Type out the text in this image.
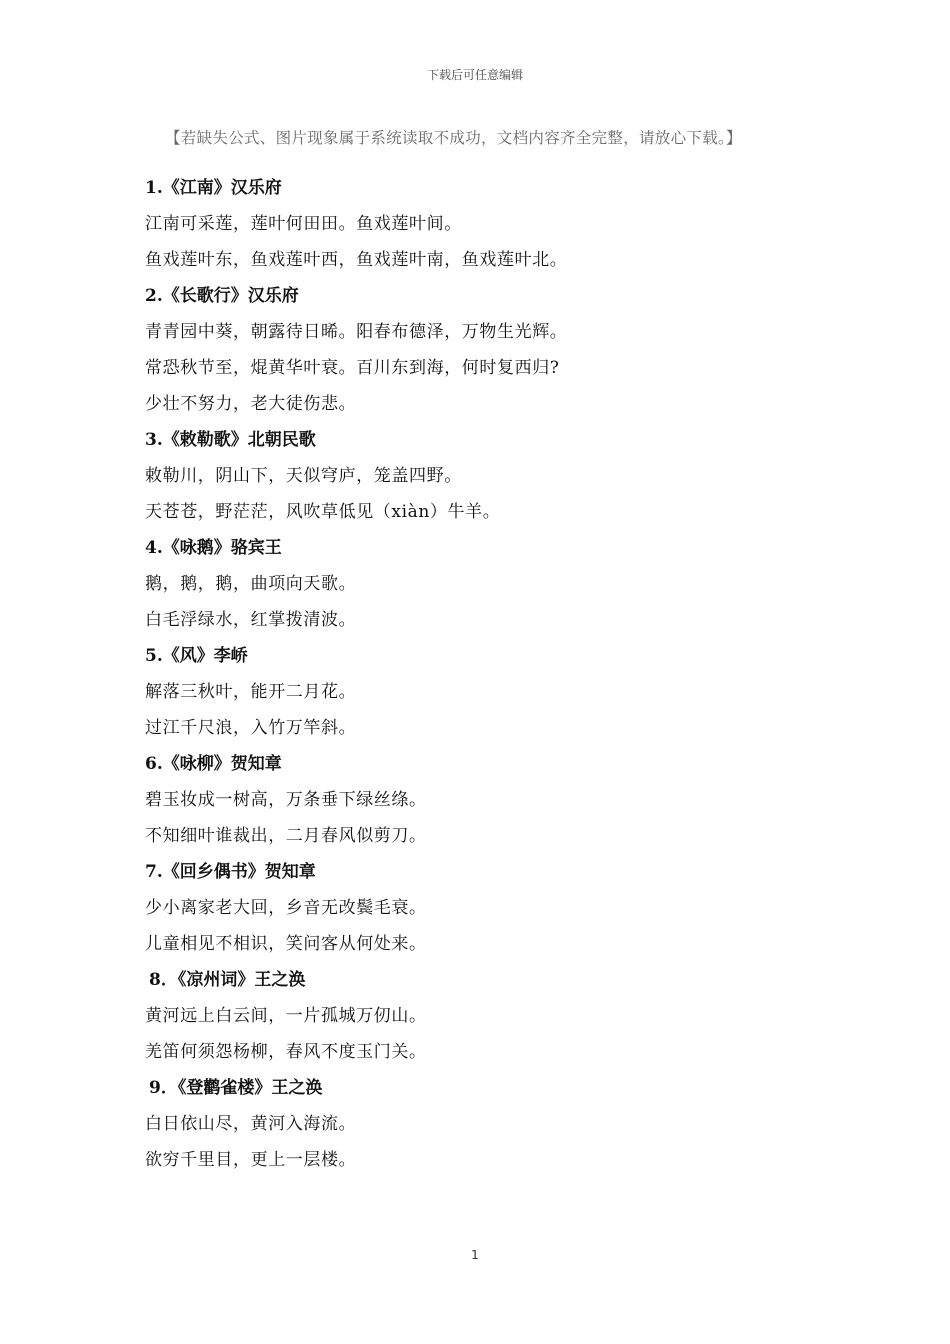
下载后可任意编辑
【若缺失公式、图片现象属于系统读取不成功，文档内容齐全完整，请放心下载。】
1.《江南》汉乐府
江南可采莲，莲叶何田田。鱼戏莲叶间。
鱼戏莲叶东，鱼戏莲叶西，鱼戏莲叶南，鱼戏莲叶北。
2.《长歌行》汉乐府
青青园中葵，朝露待日晞。阳春布德泽，万物生光辉。
常恐秋节至，焜黄华叶衰。百川东到海，何时复西归?
少壮不努力，老大徒伤悲。
3.《敕勒歌》北朝民歌
敕勒川，阴山下，天似穹庐，笼盖四野。
天苍苍，野茫茫，风吹草低见（xiàn）牛羊。
4.《咏鹅》骆宾王
鹅，鹅，鹅，曲项向天歌。
白毛浮绿水，红掌拨清波。
5.《风》李峤
解落三秋叶，能开二月花。
过江千尺浪，入竹万竿斜。
6.《咏柳》贺知章
碧玉妆成一树高，万条垂下绿丝绦。
不知细叶谁裁出，二月春风似剪刀。
7.《回乡偶书》贺知章
少小离家老大回，乡音无改鬓毛衰。
儿童相见不相识，笑问客从何处来。
8．《凉州词》王之涣
黄河远上白云间，一片孤城万仞山。
羌笛何须怨杨柳，春风不度玉门关。
9．《登鹳雀楼》王之涣
白日依山尽，黄河入海流。
欲穷千里目，更上一层楼。
1
